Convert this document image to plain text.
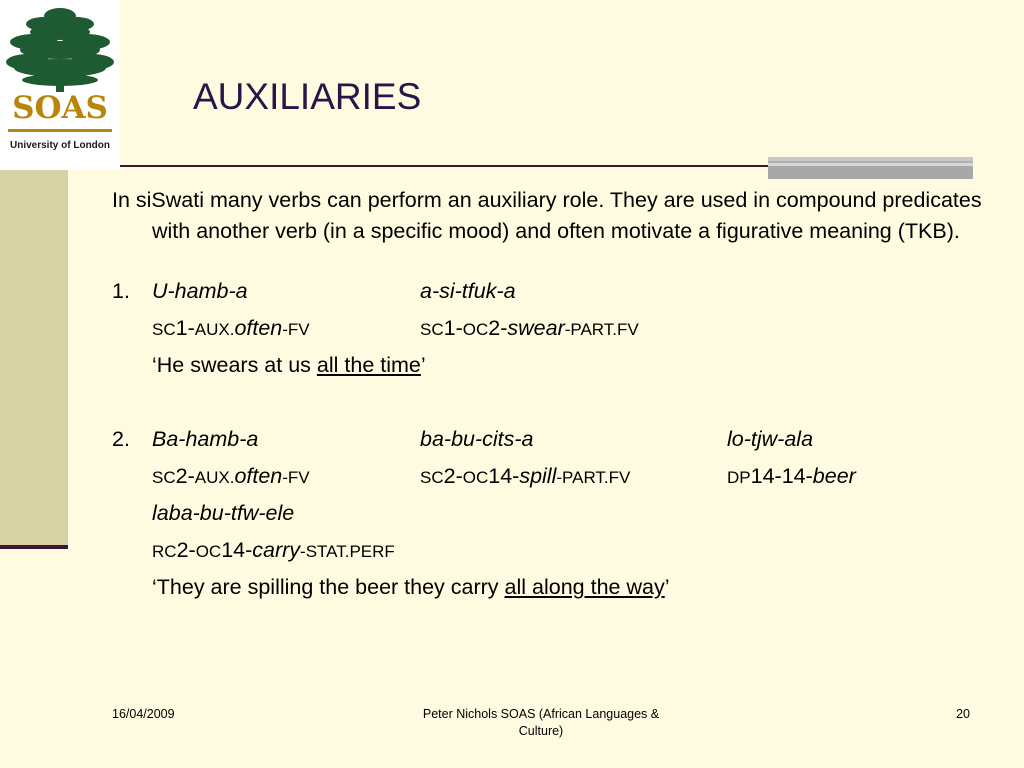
SOAS
University of London
AUXILIARIES

In siSwati many verbs can perform an auxiliary role. They are used in compound predicates with another verb (in a specific mood) and often motivate a figurative meaning (TKB).

1. U-hamb-a	a-si-tfuk-a
SC1-AUX.often-FV	SC1-OC2-swear-PART.FV
‘He swears at us all the time’
2. Ba-hamb-a	ba-bu-cits-a	lo-tjw-ala
SC2-AUX.often-FV	SC2-OC14-spill-PART.FV	DP14-14-beer
laba-bu-tfw-ele
RC2-OC14-carry-STAT.PERF
‘They are spilling the beer they carry all along the way’
16/04/2009	Peter Nichols SOAS (African Languages & Culture)
20
